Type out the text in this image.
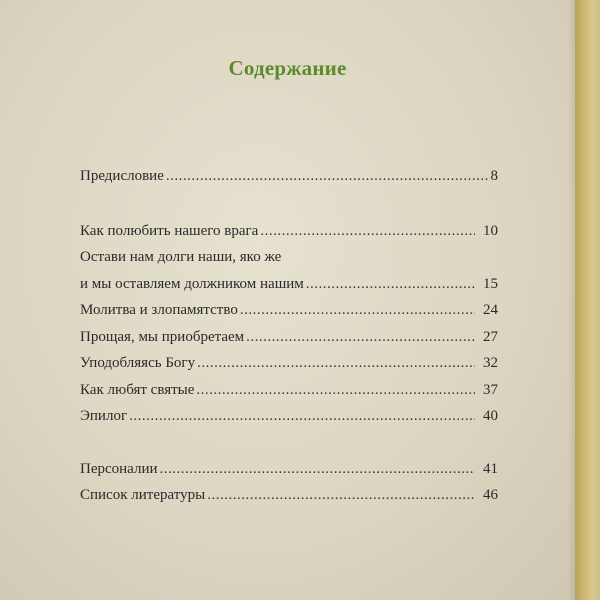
Содержание
Предисловие .....	8
Как полюбить нашего врага .....	10
Остави нам долги наши, яко же
и мы оставляем должником нашим .....	15
Молитва и злопамятство .....	24
Прощая, мы приобретаем .....	27
Уподобляясь Богу .....	32
Как любят святые .....	37
Эпилог .....	40
Персоналии .....	41
Список литературы .....	46
